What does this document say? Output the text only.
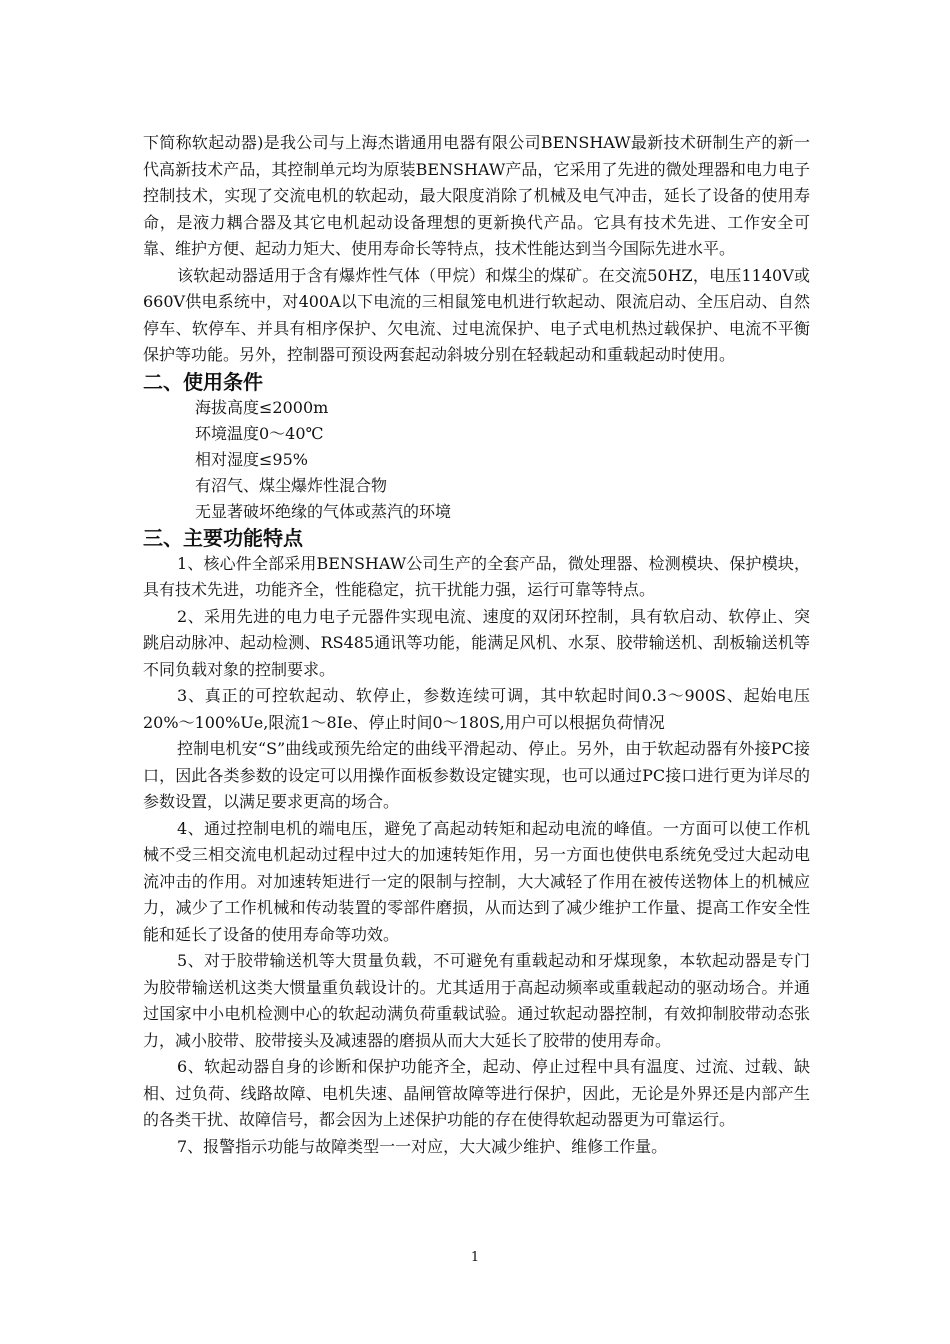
下简称软起动器)是我公司与上海杰谐通用电器有限公司BENSHAW最新技术研制生产的新一代高新技术产品，其控制单元均为原装BENSHAW产品，它采用了先进的微处理器和电力电子控制技术，实现了交流电机的软起动，最大限度消除了机械及电气冲击，延长了设备的使用寿命，是液力耦合器及其它电机起动设备理想的更新换代产品。它具有技术先进、工作安全可靠、维护方便、起动力矩大、使用寿命长等特点，技术性能达到当今国际先进水平。

该软起动器适用于含有爆炸性气体（甲烷）和煤尘的煤矿。在交流50HZ，电压1140V或660V供电系统中，对400A以下电流的三相鼠笼电机进行软起动、限流启动、全压启动、自然停车、软停车、并具有相序保护、欠电流、过电流保护、电子式电机热过载保护、电流不平衡保护等功能。另外，控制器可预设两套起动斜坡分别在轻载起动和重载起动时使用。

二、使用条件

海拔高度≤2000m

环境温度0～40℃

相对湿度≤95%

有沼气、煤尘爆炸性混合物

无显著破坏绝缘的气体或蒸汽的环境

三、主要功能特点

1、核心件全部采用BENSHAW公司生产的全套产品，微处理器、检测模块、保护模块，具有技术先进，功能齐全，性能稳定，抗干扰能力强，运行可靠等特点。

2、采用先进的电力电子元器件实现电流、速度的双闭环控制，具有软启动、软停止、突跳启动脉冲、起动检测、RS485通讯等功能，能满足风机、水泵、胶带输送机、刮板输送机等不同负载对象的控制要求。

3、真正的可控软起动、软停止，参数连续可调，其中软起时间0.3～900S、起始电压20%～100%Ue,限流1～8Ie、停止时间0～180S,用户可以根据负荷情况

控制电机安“S”曲线或预先给定的曲线平滑起动、停止。另外，由于软起动器有外接PC接口，因此各类参数的设定可以用操作面板参数设定键实现，也可以通过PC接口进行更为详尽的参数设置，以满足要求更高的场合。

4、通过控制电机的端电压，避免了高起动转矩和起动电流的峰值。一方面可以使工作机械不受三相交流电机起动过程中过大的加速转矩作用，另一方面也使供电系统免受过大起动电流冲击的作用。对加速转矩进行一定的限制与控制，大大减轻了作用在被传送物体上的机械应力，减少了工作机械和传动装置的零部件磨损，从而达到了减少维护工作量、提高工作安全性能和延长了设备的使用寿命等功效。

5、对于胶带输送机等大贯量负载，不可避免有重载起动和牙煤现象，本软起动器是专门为胶带输送机这类大惯量重负载设计的。尤其适用于高起动频率或重载起动的驱动场合。并通过国家中小电机检测中心的软起动满负荷重载试验。通过软起动器控制，有效抑制胶带动态张力，减小胶带、胶带接头及减速器的磨损从而大大延长了胶带的使用寿命。

6、软起动器自身的诊断和保护功能齐全，起动、停止过程中具有温度、过流、过载、缺相、过负荷、线路故障、电机失速、晶闸管故障等进行保护，因此，无论是外界还是内部产生的各类干扰、故障信号，都会因为上述保护功能的存在使得软起动器更为可靠运行。

7、报警指示功能与故障类型一一对应，大大减少维护、维修工作量。

1
